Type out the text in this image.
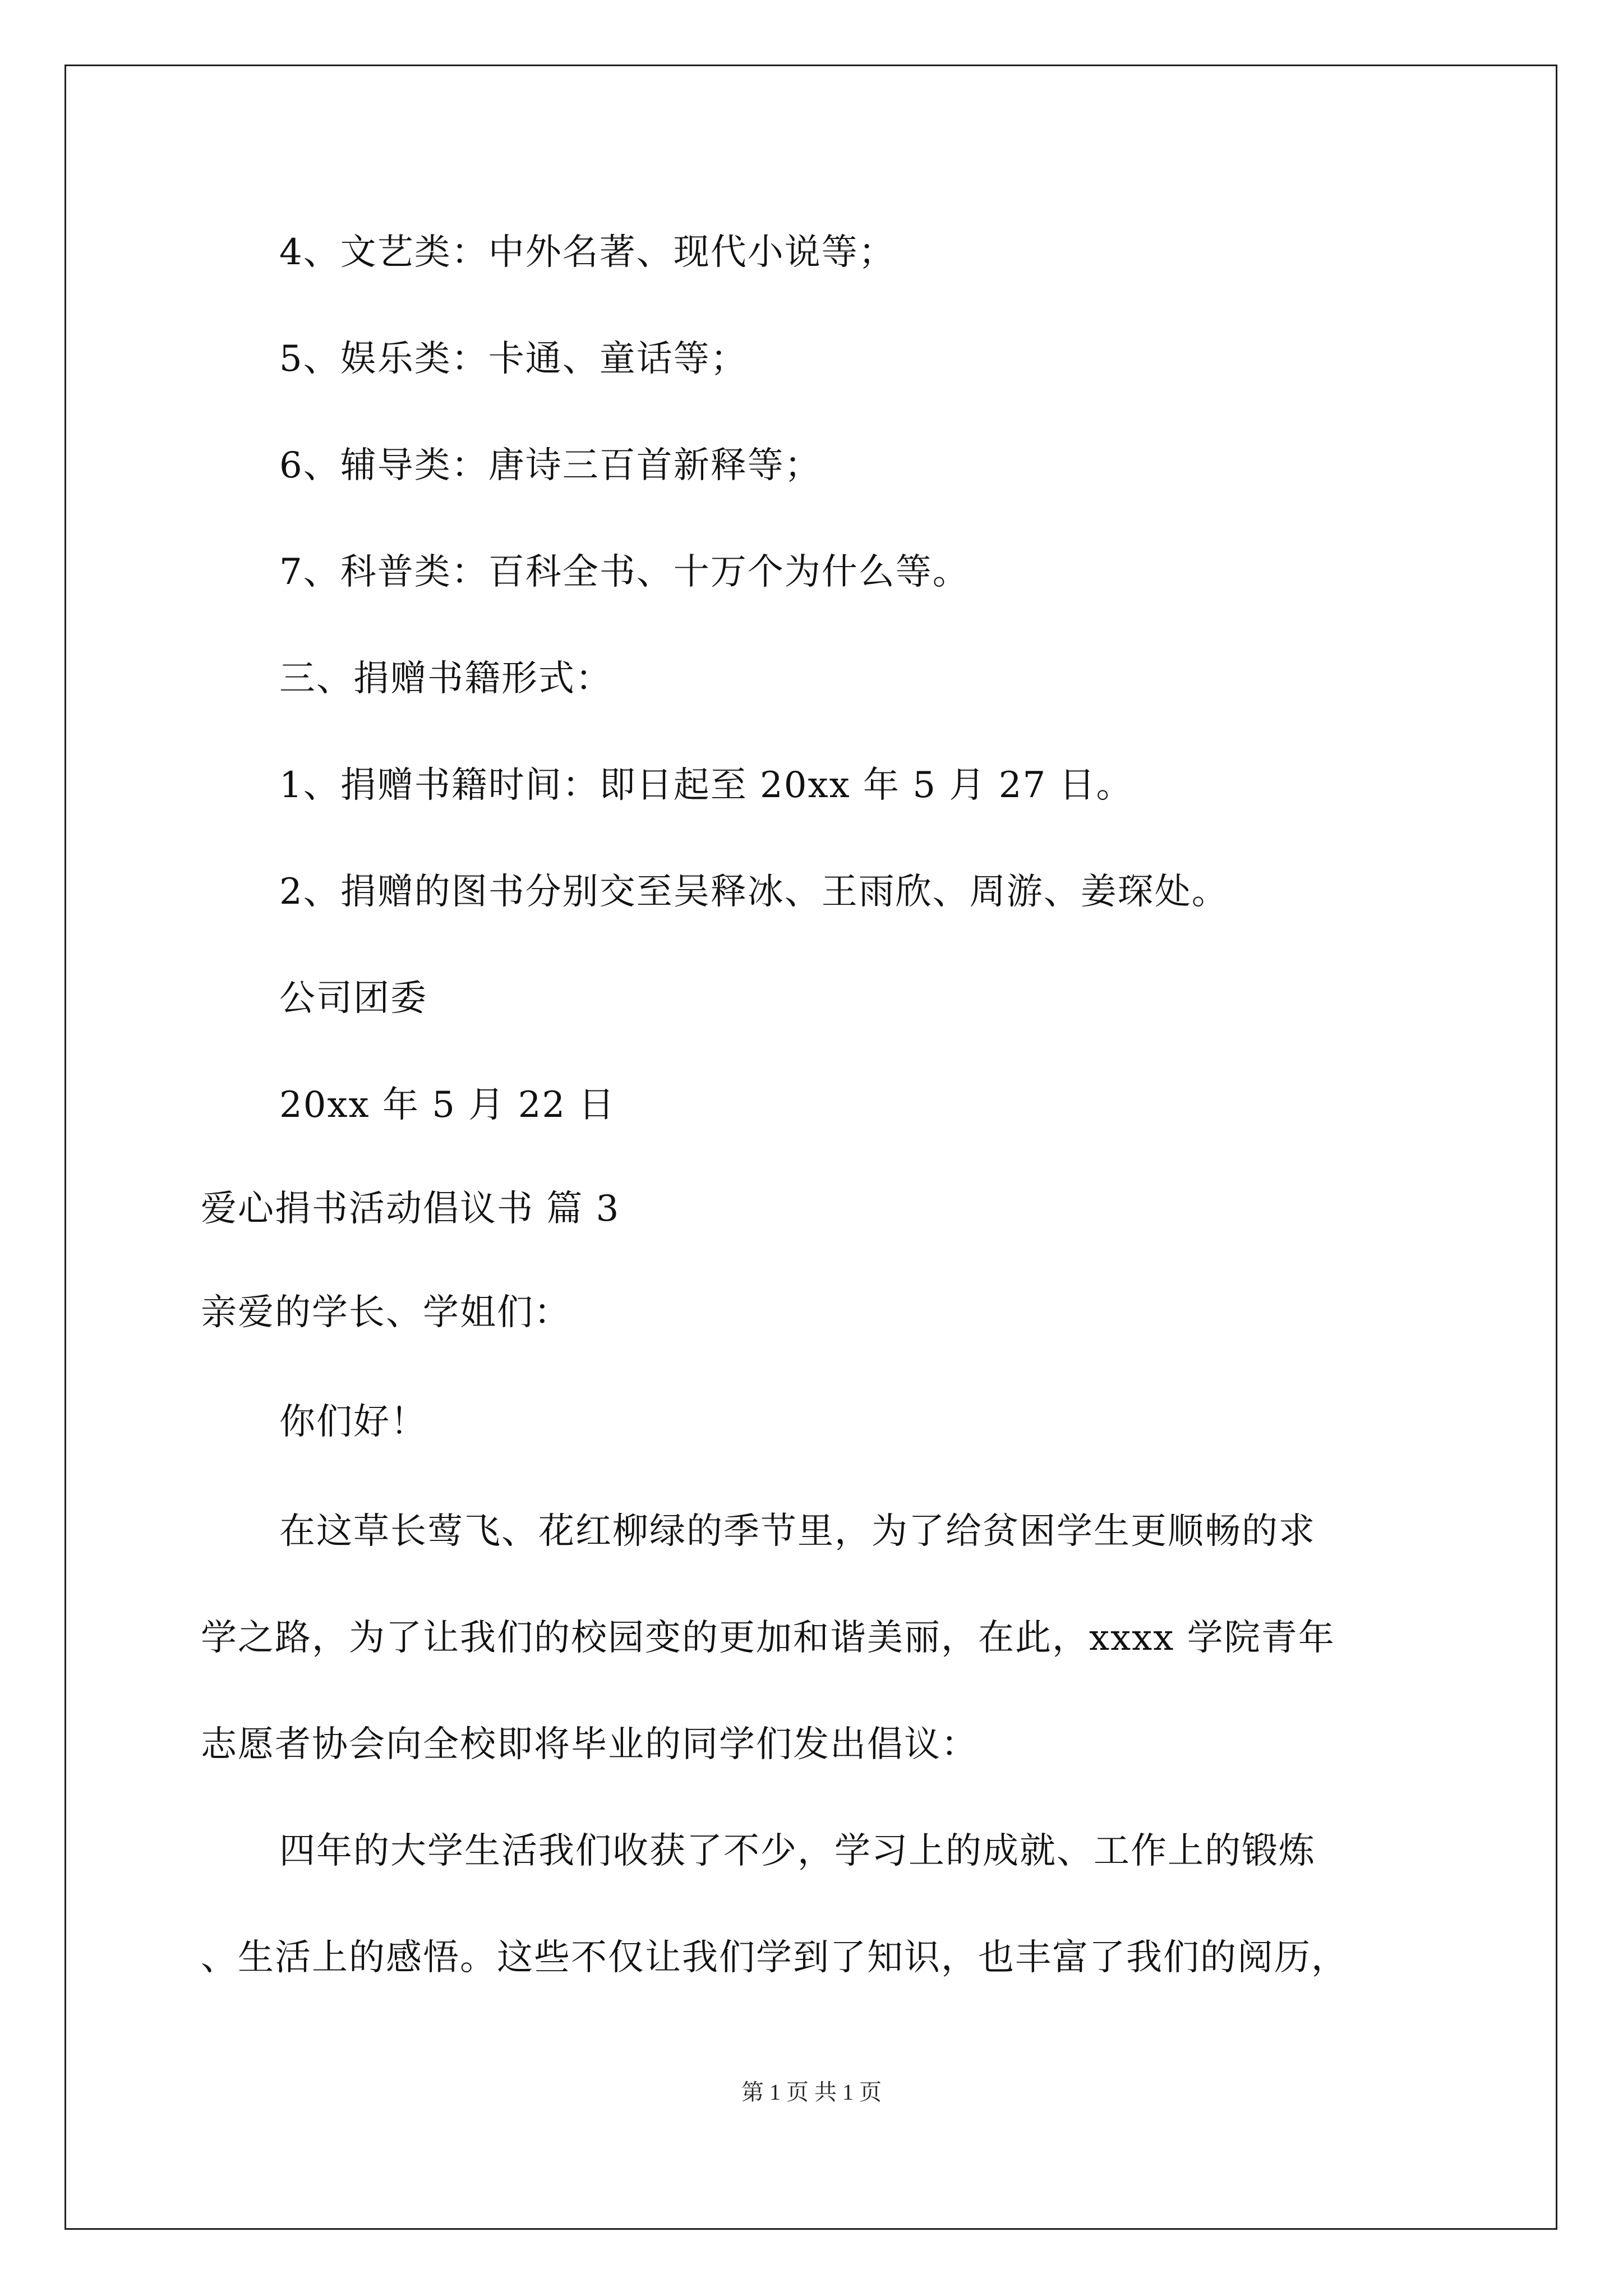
4、文艺类：中外名著、现代小说等；
5、娱乐类：卡通、童话等；
6、辅导类：唐诗三百首新释等；
7、科普类：百科全书、十万个为什么等。
三、捐赠书籍形式：
1、捐赠书籍时间：即日起至 20xx 年 5 月 27 日。
2、捐赠的图书分别交至吴释冰、王雨欣、周游、姜琛处。
公司团委
20xx 年 5 月 22 日
爱心捐书活动倡议书 篇 3
亲爱的学长、学姐们：
你们好！
在这草长莺飞、花红柳绿的季节里，为了给贫困学生更顺畅的求
学之路，为了让我们的校园变的更加和谐美丽，在此，xxxx 学院青年
志愿者协会向全校即将毕业的同学们发出倡议：
四年的大学生活我们收获了不少，学习上的成就、工作上的锻炼
、生活上的感悟。这些不仅让我们学到了知识，也丰富了我们的阅历，
第 1 页 共 1 页
